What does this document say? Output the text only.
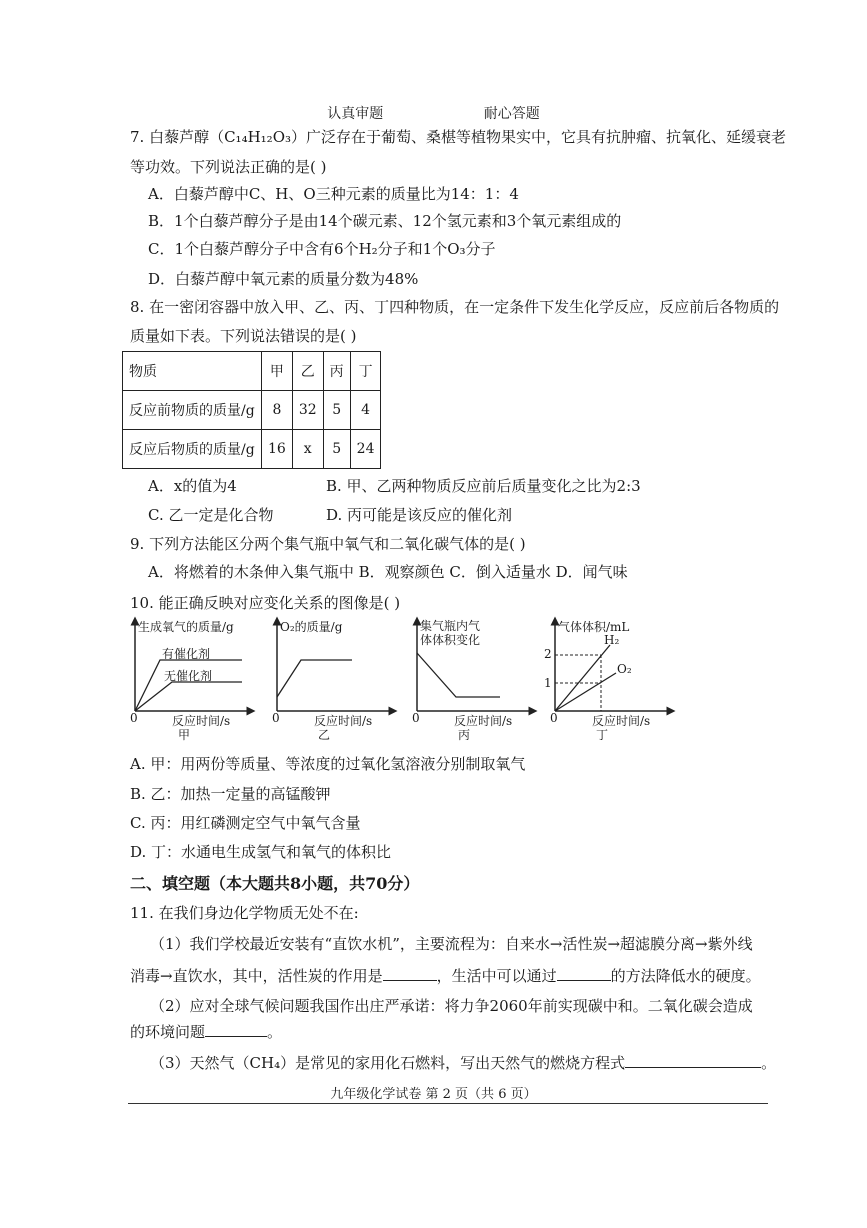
认真审题	耐心答题
7. 白藜芦醇（C₁₄H₁₂O₃）广泛存在于葡萄、桑椹等植物果实中，它具有抗肿瘤、抗氧化、延缓衰老
等功效。下列说法正确的是( )
A．白藜芦醇中C、H、O三种元素的质量比为14：1：4
B．1个白藜芦醇分子是由14个碳元素、12个氢元素和3个氧元素组成的
C．1个白藜芦醇分子中含有6个H₂分子和1个O₃分子
D．白藜芦醇中氧元素的质量分数为48%
8. 在一密闭容器中放入甲、乙、丙、丁四种物质，在一定条件下发生化学反应，反应前后各物质的
质量如下表。下列说法错误的是( )
物质	甲	乙	丙	丁
反应前物质的质量/g	8	32	5	4
反应后物质的质量/g	16	x	5	24
A．x的值为4	B. 甲、乙两种物质反应前后质量变化之比为2:3
C. 乙一定是化合物	D. 丙可能是该反应的催化剂
9. 下列方法能区分两个集气瓶中氧气和二氧化碳气体的是( )
A．将燃着的木条伸入集气瓶中 B．观察颜色 C．倒入适量水 D．闻气味
10. 能正确反映对应变化关系的图像是( )
生成氧气的质量/g
有催化剂
无催化剂
0	反应时间/s
甲
O₂的质量/g
0	反应时间/s
乙
集气瓶内气
体体积变化
0	反应时间/s
丙
气体体积/mL
H₂
O₂
2
1
0	反应时间/s
丁
A. 甲：用两份等质量、等浓度的过氧化氢溶液分别制取氧气
B. 乙：加热一定量的高锰酸钾
C. 丙：用红磷测定空气中氧气含量
D. 丁：水通电生成氢气和氧气的体积比
二、填空题（本大题共8小题，共70分）
11. 在我们身边化学物质无处不在:
（1）我们学校最近安装有“直饮水机”，主要流程为：自来水→活性炭→超滤膜分离→紫外线
消毒→直饮水，其中，活性炭的作用是	，生活中可以通过	的方法降低水的硬度。
（2）应对全球气候问题我国作出庄严承诺：将力争2060年前实现碳中和。二氧化碳会造成
的环境问题	。
（3）天然气（CH₄）是常见的家用化石燃料，写出天然气的燃烧方程式	。
九年级化学试卷 第 2 页（共 6 页）
